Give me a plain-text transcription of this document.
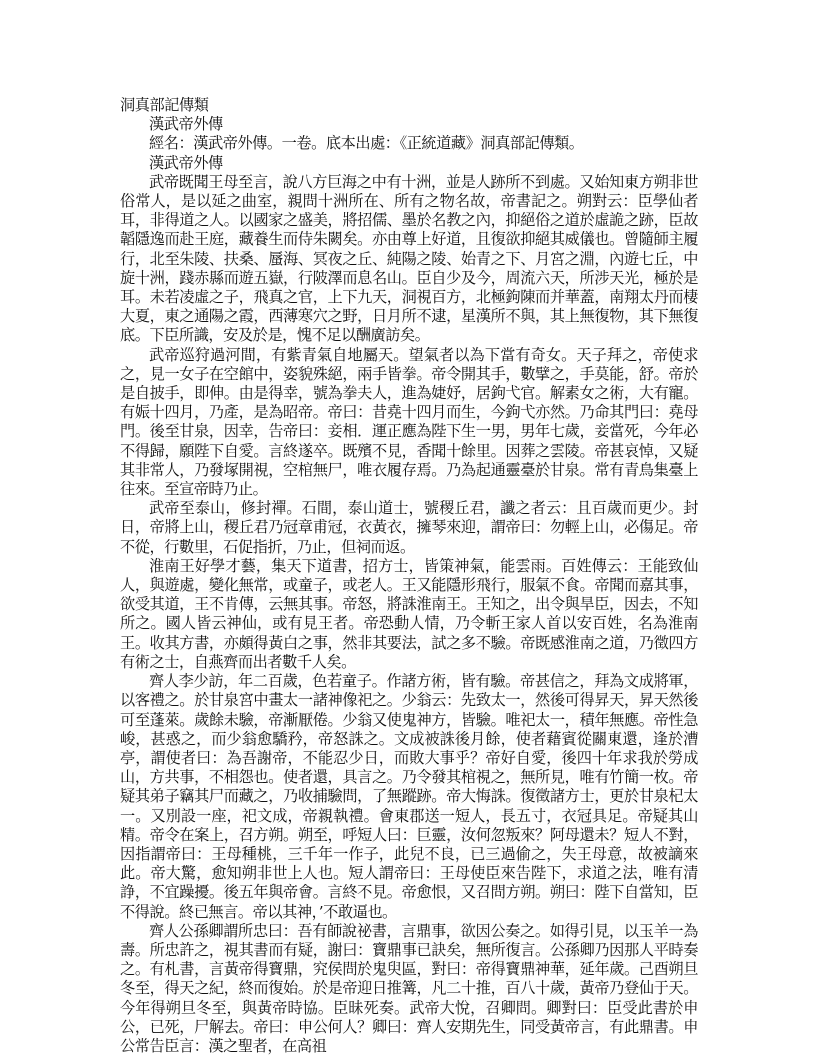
洞真部記傳類

漢武帝外傳

經名：漢武帝外傳。一卷。底本出處：《正統道藏》洞真部記傳類。

漢武帝外傳

武帝既聞王母至言，說八方巨海之中有十洲，並是人跡所不到處。又始知東方朔非世俗常人，是以延之曲室，親問十洲所在、所有之物名故，帝書記之。朔對云：臣學仙者耳，非得道之人。以國家之盛美，將招儒、墨於名教之內，抑絕俗之道於虛詭之跡，臣故韜隱逸而赴王庭，藏養生而侍朱闕矣。亦由尊上好道，且復欲抑絕其威儀也。曾隨師主履行，北至朱陵、扶桑、蜃海、冥夜之丘、純陽之陵、始青之下、月宮之淵，內遊七丘，中旋十洲，踐赤縣而遊五嶽，行陂澤而息名山。臣自少及今，周流六天，所涉天光，極於是耳。未若凌虛之子，飛真之官，上下九天，洞視百方，北極鉤陳而并華蓋，南翔太丹而棲大夏，東之通陽之霞，西薄寒穴之野，日月所不逮，星漢所不與，其上無復物，其下無復底。下臣所識，安及於是，愧不足以酬廣訪矣。

武帝巡狩過河間，有紫青氣自地屬天。望氣者以為下當有奇女。天子拜之，帝使求之，見一女子在空館中，姿貌殊絕，兩手皆拳。帝令開其手，數擘之，手莫能，舒。帝於是自披手，即伸。由是得幸，號為拳夫人，進為婕妤，居鉤弋官。解素女之術，大有寵。有娠十四月，乃產，是為昭帝。帝曰：昔堯十四月而生，今鉤弋亦然。乃命其門曰：堯母門。後至甘泉，因幸，告帝曰：妾相．運正應為陛下生一男，男年七歲，妾當死，今年必不得歸，願陛下自愛。言終遂卒。既殯不見，香聞十餘里。因葬之雲陵。帝甚哀悼，又疑其非常人，乃發塚開視，空棺無尸，唯衣履存焉。乃為起通靈臺於甘泉。常有青鳥集臺上往來。至宣帝時乃止。

武帝至泰山，修封禪。石間，泰山道士，號稷丘君，讖之者云：且百歲而更少。封日，帝將上山，稷丘君乃冠章甫冠，衣黃衣，擁琴來迎，謂帝曰：勿輕上山，必傷足。帝不從，行數里，石促指折，乃止，但祠而返。

淮南王好學才藝，集天下道書，招方士，皆策神氣，能雲雨。百姓傳云：王能致仙人，與遊處，變化無常，或童子，或老人。王又能隱形飛行，服氣不食。帝聞而嘉其事，欲受其道，王不肯傳，云無其事。帝怒，將誅淮南王。王知之，出令與旱臣，因去，不知所之。國人皆云神仙，或有見王者。帝恐動人情，乃令斬王家人首以安百姓，名為淮南王。收其方書，亦頗得黃白之事，然非其要法，試之多不驗。帝既感淮南之道，乃徵四方有術之士，自燕齊而出者數千人矣。

齊人李少訪，年二百歲，色若童子。作諸方術，皆有驗。帝甚信之，拜為文成將軍，以客禮之。於甘泉宮中畫太一諸神像祀之。少翁云：先致太一，然後可得昇天，昇天然後可至蓬萊。歲餘未驗，帝漸厭倦。少翁又使鬼神方，皆驗。唯祀太一，積年無應。帝性急峻，甚惑之，而少翁愈驕矜，帝怒誅之。文成被誅後月餘，使者藉賓從關東還，逢於漕亭，謂使者曰：為吾謝帝，不能忍少日，而敗大事乎？帝好自愛，後四十年求我於勞成山，方共事，不相怨也。使者還，具言之。乃令發其棺視之，無所見，唯有竹簡一枚。帝疑其弟子竊其尸而藏之，乃收捕驗問，了無蹤跡。帝大悔誅。復徵諸方士，更於甘泉杞太一。又別設一座，祀文成，帝親執禮。會東郡送一短人，長五寸，衣冠具足。帝疑其山精。帝令在案上，召方朔。朔至，呼短人曰：巨靈，汝何忽叛來？阿母還未？短人不對，因指謂帝曰：王母種桃，三千年一作子，此兒不良，已三過偷之，失王母意，故被謫來此。帝大驚，愈知朔非世上人也。短人謂帝曰：王母使臣來告陛下，求道之法，唯有清諍，不宜躁擾。後五年與帝會。言終不見。帝愈恨，又召問方朔。朔曰：陛下自當知，臣不得說。終已無言。帝以其神，’不敢逼也。

齊人公孫卿謂所忠曰：吾有師說祕書，言鼎事，欲因公奏之。如得引見，以玉羊一為壽。所忠許之，視其書而有疑，謝曰：寶鼎事已訣矣，無所復言。公孫卿乃因那人平時奏之。有札書，言黃帝得寶鼎，究侯問於鬼臾區，對曰：帝得寶鼎神華，延年歲。己酉朔旦冬至，得天之紀，終而復始。於是帝迎日推篝，凡二十推，百八十歲，黃帝乃登仙于天。今年得朔旦冬至，與黃帝時協。臣昧死奏。武帝大悅，召卿問。卿對曰：臣受此書於申公，已死，尸解去。帝曰：申公何人？卿曰：齊人安期先生，同受黃帝言，有此鼎書。申公常告臣言：漢之聖者，在高祖
